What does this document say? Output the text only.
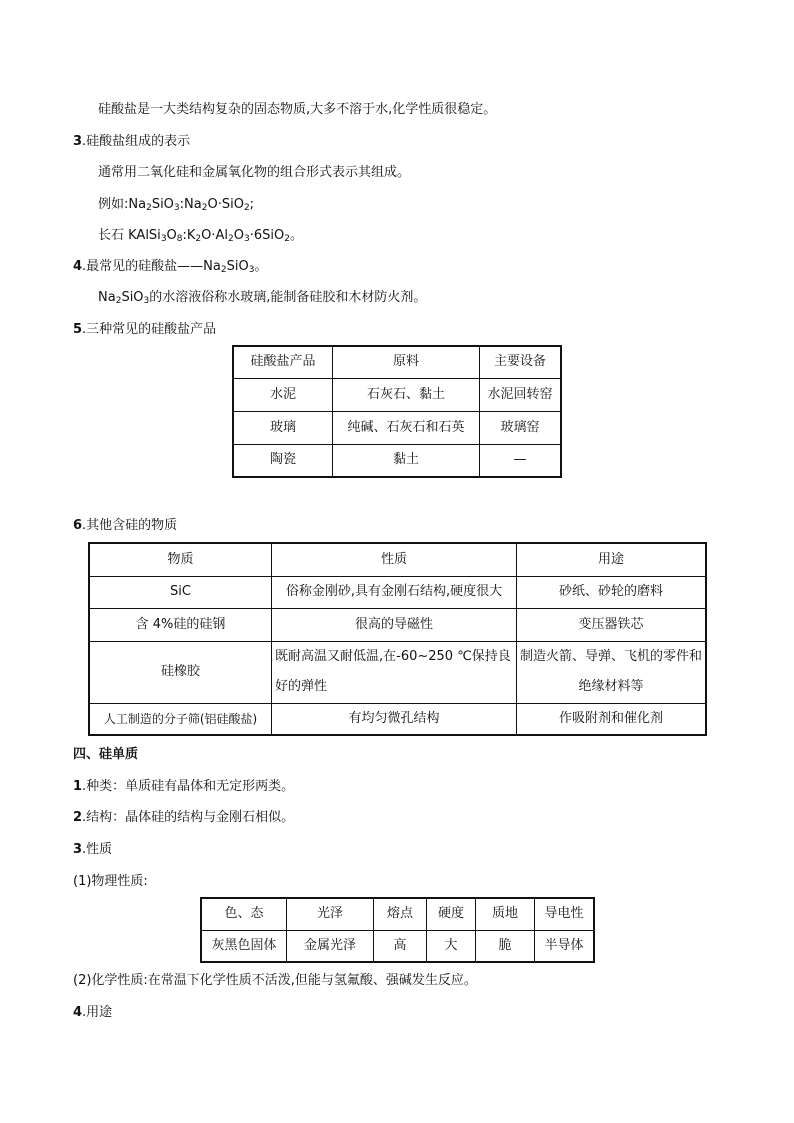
硅酸盐是一大类结构复杂的固态物质,大多不溶于水,化学性质很稳定。
3.硅酸盐组成的表示
通常用二氧化硅和金属氧化物的组合形式表示其组成。
例如$:Na_2SiO_3:Na_2O\cdot SiO_2$;
长石 $KAlSi_3O_8:K_2O\cdot Al_2O_3\cdot 6SiO_2$。
4.最常见的硅酸盐$——Na_2SiO_3$。
$Na_2SiO_3$的水溶液俗称水玻璃,能制备硅胶和木材防火剂。
5.三种常见的硅酸盐产品
硅酸盐产品	原料	主要设备
水泥	石灰石、黏土	水泥回转窑
玻璃	纯碱、石灰石和石英	玻璃窑
陶瓷	黏土	—
6.其他含硅的物质
物质	性质	用途
SiC	俗称金刚砂,具有金刚石结构,硬度很大	砂纸、砂轮的磨料
含 4%硅的硅钢	很高的导磁性	变压器铁芯
硅橡胶	既耐高温又耐低温,在-60~250 ℃保持良好的弹性	制造火箭、导弹、飞机的零件和绝缘材料等
人工制造的分子筛(铝硅酸盐)	有均匀微孔结构	作吸附剂和催化剂
四、硅单质
1.种类：单质硅有晶体和无定形两类。
2.结构：晶体硅的结构与金刚石相似。
3.性质
(1)物理性质:
色、态	光泽	熔点	硬度	质地	导电性
灰黑色固体	金属光泽	高	大	脆	半导体
(2)化学性质:在常温下化学性质不活泼,但能与氢氟酸、强碱发生反应。
4.用途
